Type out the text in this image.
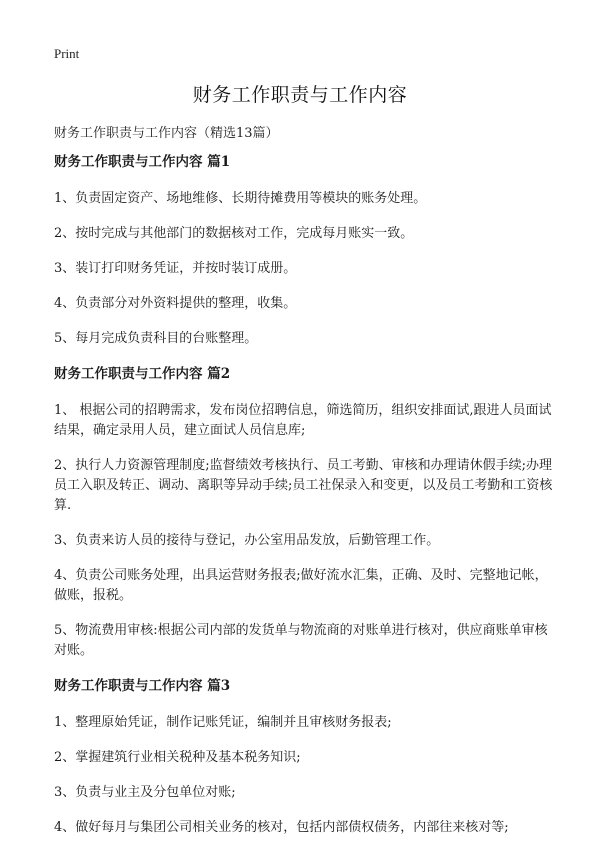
Print
财务工作职责与工作内容
财务工作职责与工作内容（精选13篇）
财务工作职责与工作内容 篇1
1、负责固定资产、场地维修、长期待摊费用等模块的账务处理。
2、按时完成与其他部门的数据核对工作，完成每月账实一致。
3、装订打印财务凭证，并按时装订成册。
4、负责部分对外资料提供的整理，收集。
5、每月完成负责科目的台账整理。
财务工作职责与工作内容 篇2
1、 根据公司的招聘需求，发布岗位招聘信息，筛选简历，组织安排面试,跟进人员面试结果，确定录用人员，建立面试人员信息库;
2、执行人力资源管理制度;监督绩效考核执行、员工考勤、审核和办理请休假手续;办理员工入职及转正、调动、离职等异动手续;员工社保录入和变更，以及员工考勤和工资核算.
3、负责来访人员的接待与登记，办公室用品发放，后勤管理工作。
4、负责公司账务处理，出具运营财务报表;做好流水汇集，正确、及时、完整地记帐，做账，报税。
5、物流费用审核:根据公司内部的发货单与物流商的对账单进行核对，供应商账单审核对账。
财务工作职责与工作内容 篇3
1、整理原始凭证，制作记账凭证，编制并且审核财务报表;
2、掌握建筑行业相关税种及基本税务知识;
3、负责与业主及分包单位对账;
4、做好每月与集团公司相关业务的核对，包括内部债权债务，内部往来核对等;
